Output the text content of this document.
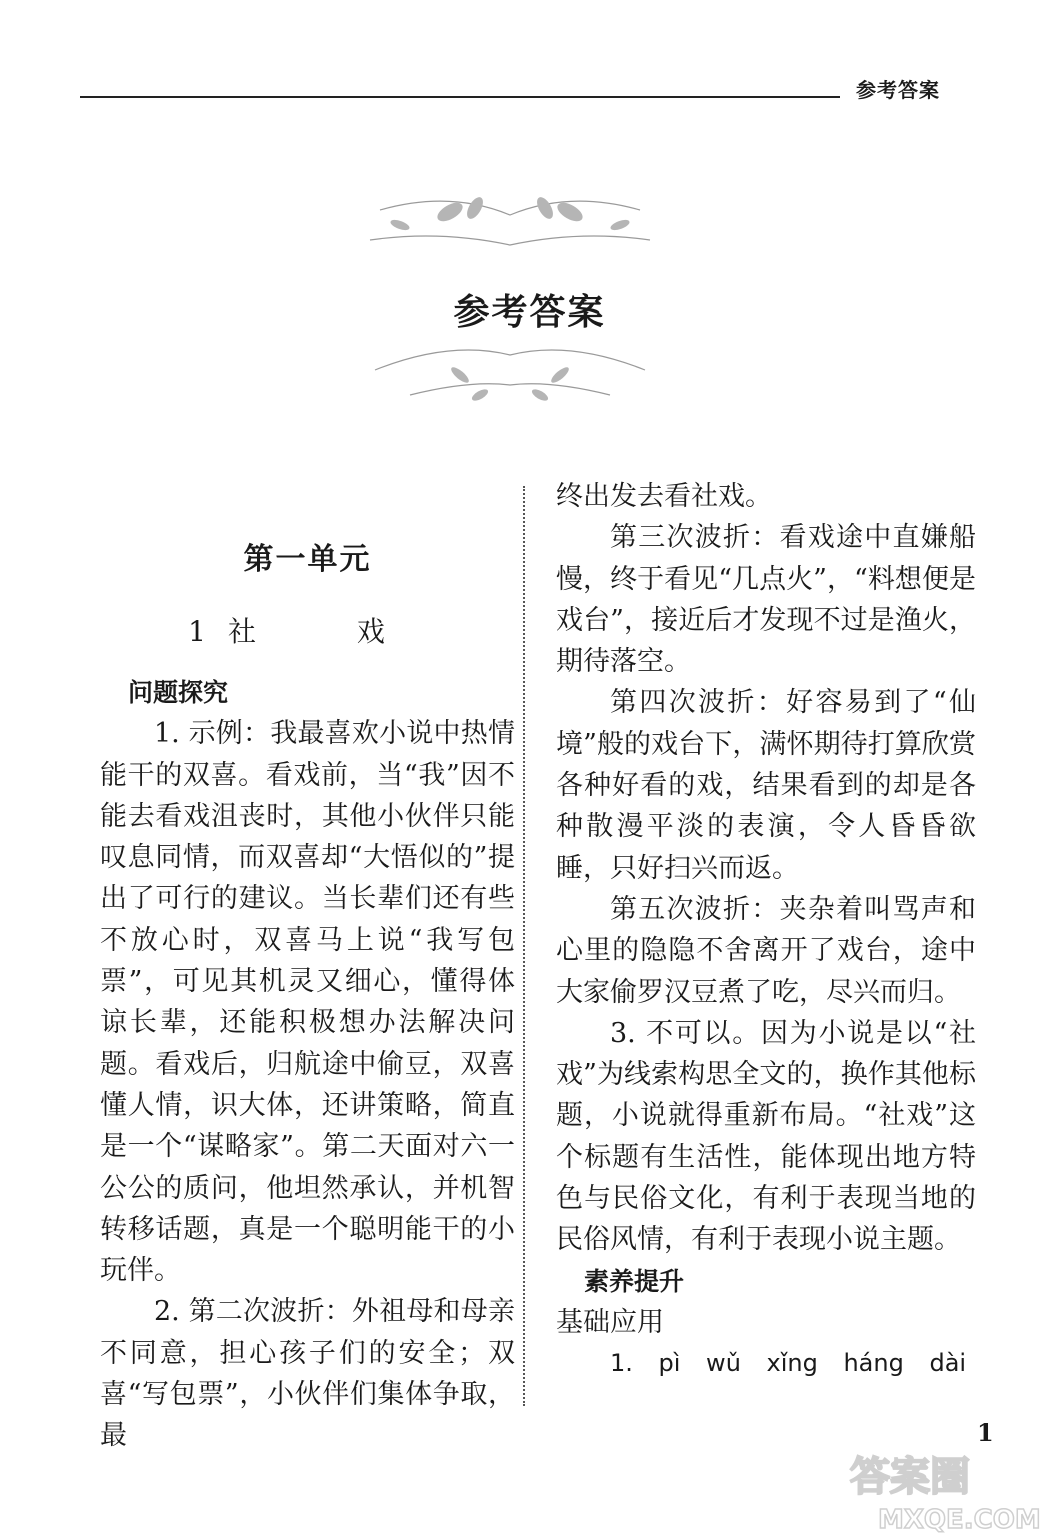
参考答案
参考答案
第一单元
1 社 戏

问题探究

1. 示例：我最喜欢小说中热情能干的双喜。看戏前，当“我”因不能去看戏沮丧时，其他小伙伴只能叹息同情，而双喜却“大悟似的”提出了可行的建议。当长辈们还有些不放心时，双喜马上说“我写包票”，可见其机灵又细心，懂得体谅长辈，还能积极想办法解决问题。看戏后，归航途中偷豆，双喜懂人情，识大体，还讲策略，简直是一个“谋略家”。第二天面对六一公公的质问，他坦然承认，并机智转移话题，真是一个聪明能干的小玩伴。

2. 第二次波折：外祖母和母亲不同意，担心孩子们的安全；双喜“写包票”，小伙伴们集体争取，最

终出发去看社戏。

第三次波折：看戏途中直嫌船慢，终于看见“几点火”，“料想便是戏台”，接近后才发现不过是渔火，期待落空。

第四次波折：好容易到了“仙境”般的戏台下，满怀期待打算欣赏各种好看的戏，结果看到的却是各种散漫平淡的表演，令人昏昏欲睡，只好扫兴而返。

第五次波折：夹杂着叫骂声和心里的隐隐不舍离开了戏台，途中大家偷罗汉豆煮了吃，尽兴而归。

3. 不可以。因为小说是以“社戏”为线索构思全文的，换作其他标题，小说就得重新布局。“社戏”这个标题有生活性，能体现出地方特色与民俗文化，有利于表现当地的民俗风情，有利于表现小说主题。

素养提升

基础应用

1. pì wǔ xǐng háng dài

1
答案圈
MXQE.COM
